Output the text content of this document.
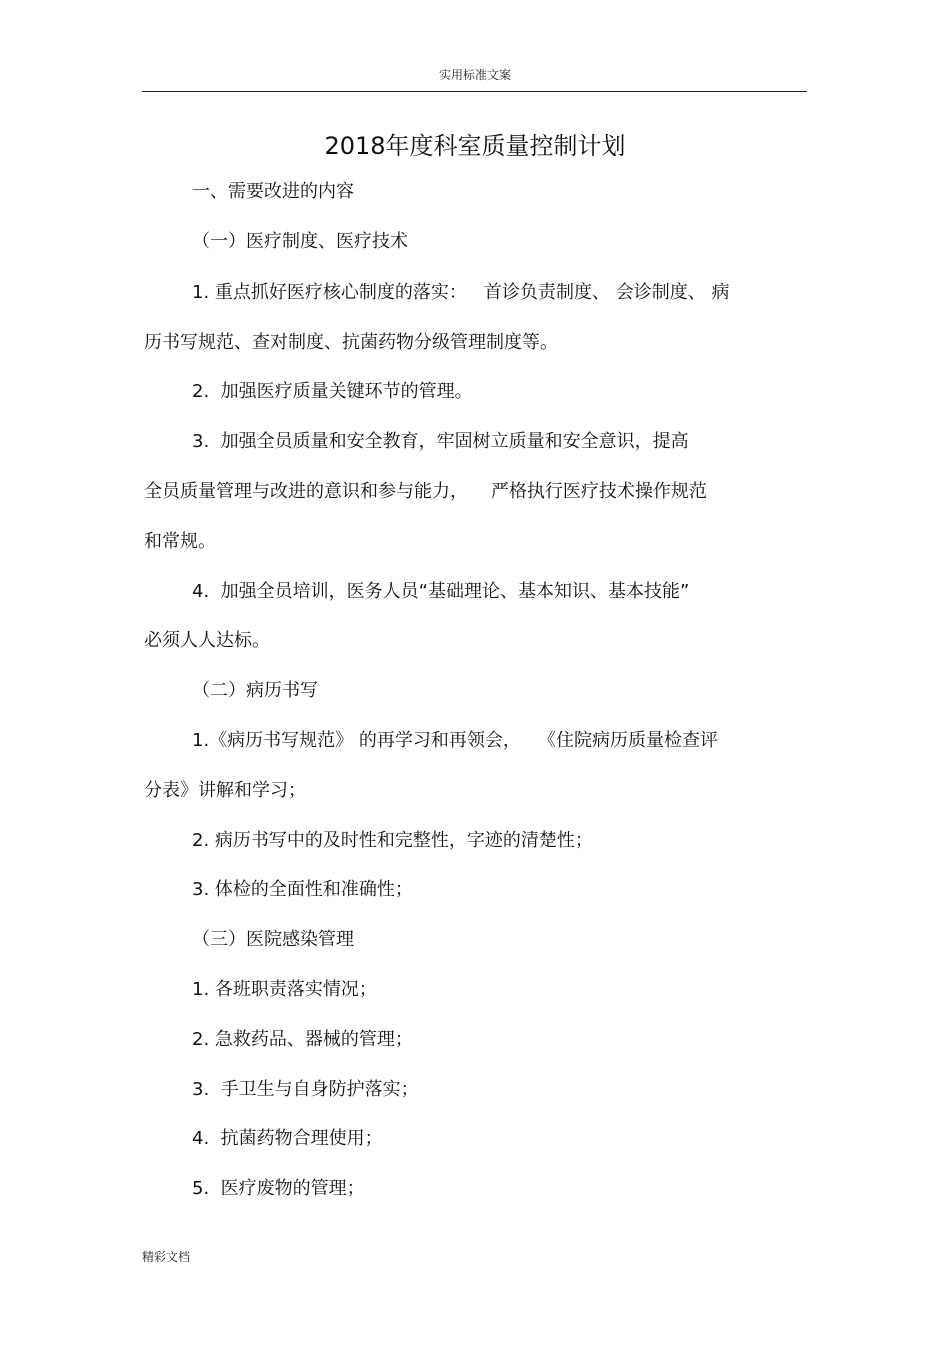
实用标准文案
2018年度科室质量控制计划
一、需要改进的内容
（一）医疗制度、医疗技术
1. 重点抓好医疗核心制度的落实：   首诊负责制度、 会诊制度、 病
历书写规范、查对制度、抗菌药物分级管理制度等。
2.  加强医疗质量关键环节的管理。
3.  加强全员质量和安全教育，牢固树立质量和安全意识，提高
全员质量管理与改进的意识和参与能力，    严格执行医疗技术操作规范
和常规。
4.  加强全员培训，医务人员“基础理论、基本知识、基本技能”
必须人人达标。
（二）病历书写
1.《病历书写规范》 的再学习和再领会，   《住院病历质量检查评
分表》讲解和学习；
2. 病历书写中的及时性和完整性，字迹的清楚性；
3. 体检的全面性和准确性；
（三）医院感染管理
1. 各班职责落实情况；
2. 急救药品、器械的管理；
3.  手卫生与自身防护落实；
4.  抗菌药物合理使用；
5.  医疗废物的管理；
精彩文档
